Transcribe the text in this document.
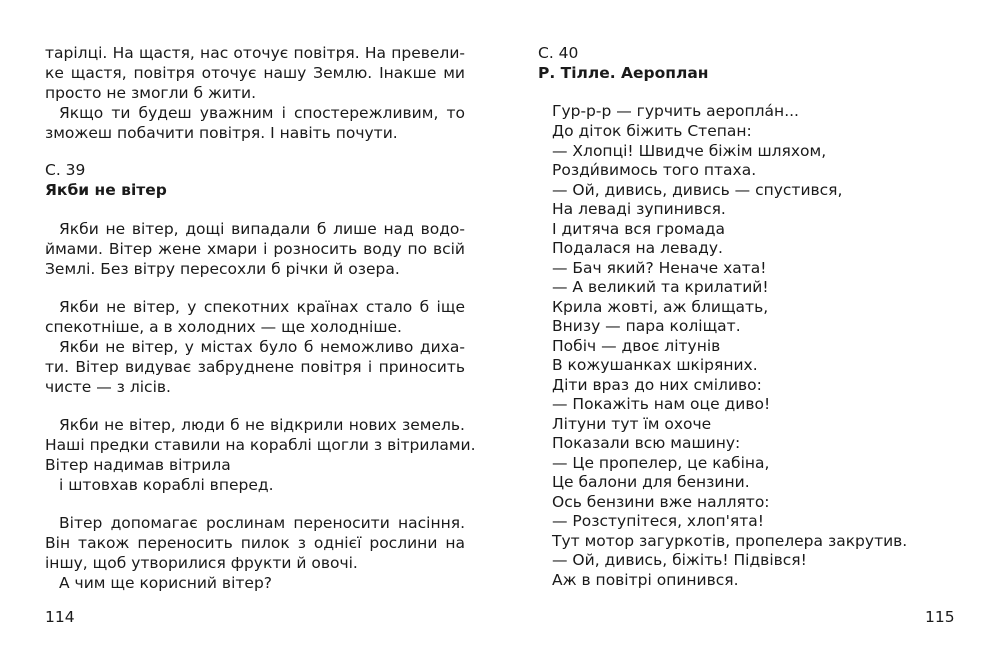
тарілці. На щастя, нас оточує повітря. На превели-
ке щастя, повітря оточує нашу Землю. Інакше ми
просто не змогли б жити.
Якщо ти будеш уважним і спостережливим, то
зможеш побачити повітря. І навіть почути.
С. 39
Якби не вітер
Якби не вітер, дощі випадали б лише над водо-
ймами. Вітер жене хмари і розносить воду по всій
Землі. Без вітру пересохли б річки й озера.
Якби не вітер, у спекотних країнах стало б іще
спекотніше, а в холодних — ще холодніше.
Якби не вітер, у містах було б неможливо диха-
ти. Вітер видуває забруднене повітря і приносить
чисте — з лісів.
Якби не вітер, люди б не відкрили нових земель.
Наші предки ставили на кораблі щогли з вітрилами.
Вітер надимав вітрила
і штовхав кораблі вперед.
Вітер допомагає рослинам переносити насіння.
Він також переносить пилок з однієї рослини на
іншу, щоб утворилися фрукти й овочі.
А чим ще корисний вітер?
114
С. 40
Р. Тілле. Аероплан
Гур-р-р — гурчить аеропла́н...
До діток біжить Степан:
— Хлопці! Швидче біжім шляхом,
Розди́вимось того птаха.
— Ой, дивись, дивись — спустився,
На леваді зупинився.
І дитяча вся громада
Подалася на леваду.
— Бач який? Неначе хата!
— А великий та крилатий!
Крила жовті, аж блищать,
Внизу — пара коліщат.
Побіч — двоє літунів
В кожушанках шкіряних.
Діти враз до них сміливо:
— Покажіть нам оце диво!
Літуни тут їм охоче
Показали всю машину:
— Це пропелер, це кабіна,
Це балони для бензини.
Ось бензини вже наллято:
— Розступітеся, хлоп'ята!
Тут мотор загуркотів, пропелера закрутив.
— Ой, дивись, біжіть! Підвівся!
Аж в повітрі опинився.
115
